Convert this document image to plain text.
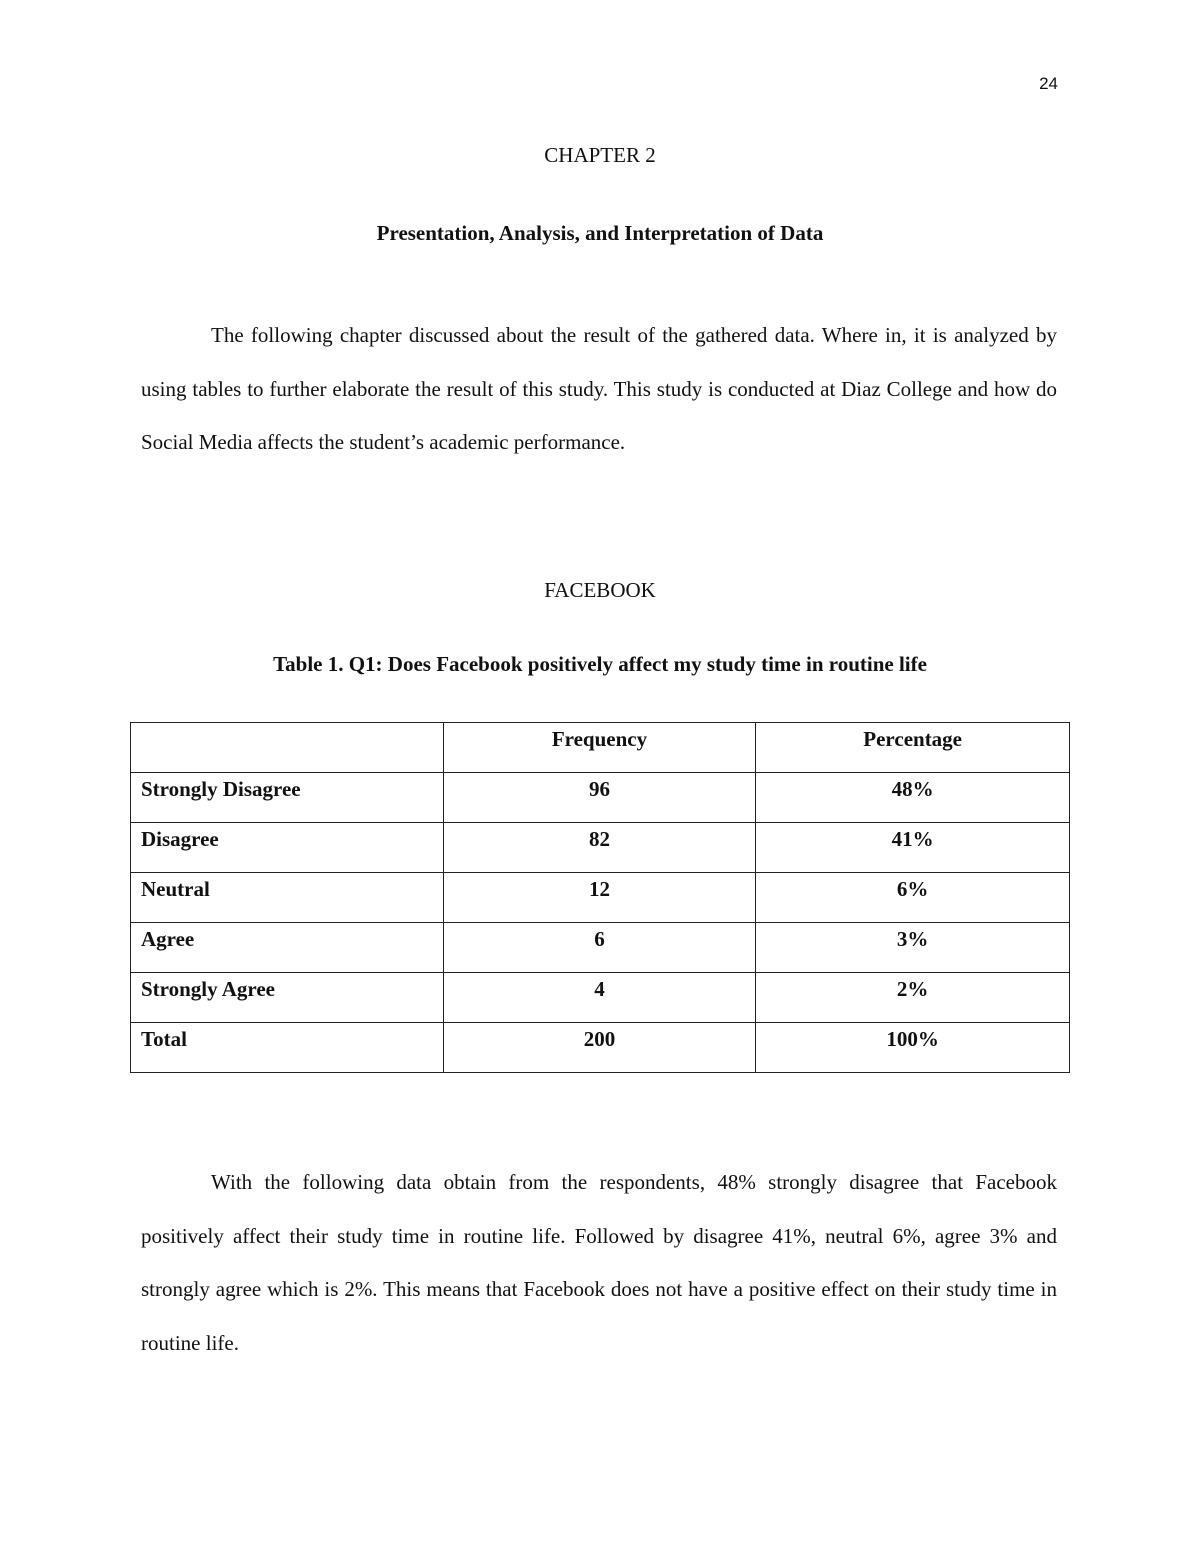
24
CHAPTER 2
Presentation, Analysis, and Interpretation of Data

The following chapter discussed about the result of the gathered data. Where in, it is analyzed by using tables to further elaborate the result of this study. This study is conducted at Diaz College and how do Social Media affects the student’s academic performance.

FACEBOOK
Table 1. Q1: Does Facebook positively affect my study time in routine life
	Frequency	Percentage
Strongly Disagree	96	48%
Disagree	82	41%
Neutral	12	6%
Agree	6	3%
Strongly Agree	4	2%
Total	200	100%

With the following data obtain from the respondents, 48% strongly disagree that Facebook positively affect their study time in routine life. Followed by disagree 41%, neutral 6%, agree 3% and strongly agree which is 2%. This means that Facebook does not have a positive effect on their study time in routine life.
